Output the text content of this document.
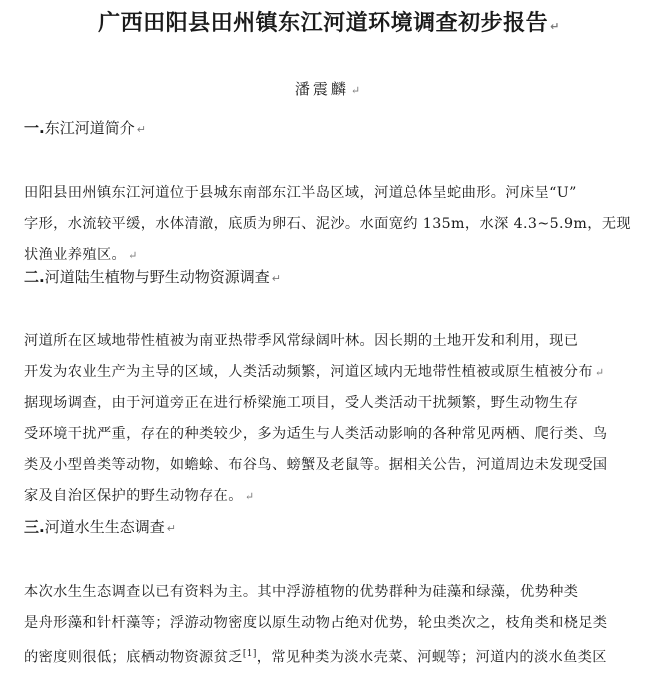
广西田阳县田州镇东江河道环境调查初步报告 ↵
潘震麟 ↵
一.东江河道简介 ↵

田阳县田州镇东江河道位于县城东南部东江半岛区域，河道总体呈蛇曲形。河床呈“U”
字形，水流较平缓，水体清澈，底质为卵石、泥沙。水面宽约 135m，水深 4.3~5.9m，无现
状渔业养殖区。 ↵

二.河道陆生植物与野生动物资源调查 ↵

河道所在区域地带性植被为南亚热带季风常绿阔叶林。因长期的土地开发和利用，现已
开发为农业生产为主导的区域，人类活动频繁，河道区域内无地带性植被或原生植被分布 ↵

据现场调查，由于河道旁正在进行桥梁施工项目，受人类活动干扰频繁，野生动物生存
受环境干扰严重，存在的种类较少，多为适生与人类活动影响的各种常见两栖、爬行类、鸟
类及小型兽类等动物，如蟾蜍、布谷鸟、螃蟹及老鼠等。据相关公告，河道周边未发现受国
家及自治区保护的野生动物存在。 ↵

三.河道水生生态调查 ↵

本次水生生态调查以已有资料为主。其中浮游植物的优势群种为硅藻和绿藻，优势种类
是舟形藻和针杆藻等；浮游动物密度以原生动物占绝对优势，轮虫类次之，枝角类和桡足类
的密度则很低；底栖动物资源贫乏[1]，常见种类为淡水壳菜、河蚬等；河道内的淡水鱼类区
